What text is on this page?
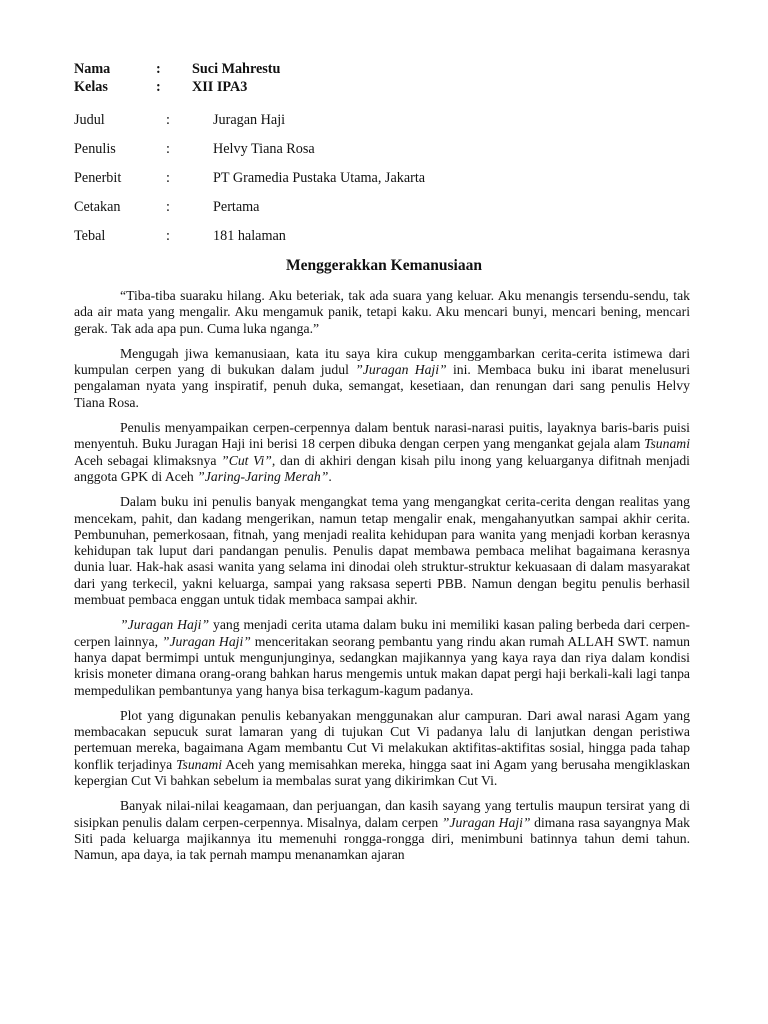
Nama	: Suci Mahrestu
Kelas	: XII IPA3
Judul	:	Juragan Haji
Penulis	:	Helvy Tiana Rosa
Penerbit	:	PT Gramedia Pustaka Utama, Jakarta
Cetakan	:	Pertama
Tebal	:	181 halaman
Menggerakkan Kemanusiaan

“Tiba-tiba suaraku hilang. Aku beteriak, tak ada suara yang keluar. Aku menangis tersendu-sendu, tak ada air mata yang mengalir. Aku mengamuk panik, tetapi kaku. Aku mencari bunyi, mencari bening, mencari gerak. Tak ada apa pun. Cuma luka nganga.”

Mengugah jiwa kemanusiaan, kata itu saya kira cukup menggambarkan cerita-cerita istimewa dari kumpulan cerpen yang di bukukan dalam judul ”Juragan Haji” ini. Membaca buku ini ibarat menelusuri pengalaman nyata yang inspiratif, penuh duka, semangat, kesetiaan, dan renungan dari sang penulis Helvy Tiana Rosa.

Penulis menyampaikan cerpen-cerpennya dalam bentuk narasi-narasi puitis, layaknya baris-baris puisi menyentuh. Buku Juragan Haji ini berisi 18 cerpen dibuka dengan cerpen yang mengankat gejala alam Tsunami Aceh sebagai klimaksnya ”Cut Vi”, dan di akhiri dengan kisah pilu inong yang keluarganya difitnah menjadi anggota GPK di Aceh ”Jaring-Jaring Merah”.

Dalam buku ini penulis banyak mengangkat tema yang mengangkat cerita-cerita dengan realitas yang mencekam, pahit, dan kadang mengerikan, namun tetap mengalir enak, mengahanyutkan sampai akhir cerita. Pembunuhan, pemerkosaan, fitnah, yang menjadi realita kehidupan para wanita yang menjadi korban kerasnya kehidupan tak luput dari pandangan penulis. Penulis dapat membawa pembaca melihat bagaimana kerasnya dunia luar. Hak-hak asasi wanita yang selama ini dinodai oleh struktur-struktur kekuasaan di dalam masyarakat dari yang terkecil, yakni keluarga, sampai yang raksasa seperti PBB. Namun dengan begitu penulis berhasil membuat pembaca enggan untuk tidak membaca sampai akhir.

”Juragan Haji” yang menjadi cerita utama dalam buku ini memiliki kasan paling berbeda dari cerpen-cerpen lainnya, ”Juragan Haji” menceritakan seorang pembantu yang rindu akan rumah ALLAH SWT. namun hanya dapat bermimpi untuk mengunjunginya, sedangkan majikannya yang kaya raya dan riya dalam kondisi krisis moneter dimana orang-orang bahkan harus mengemis untuk makan dapat pergi haji berkali-kali lagi tanpa mempedulikan pembantunya yang hanya bisa terkagum-kagum padanya.

Plot yang digunakan penulis kebanyakan menggunakan alur campuran. Dari awal narasi Agam yang membacakan sepucuk surat lamaran yang di tujukan Cut Vi padanya lalu di lanjutkan dengan peristiwa pertemuan mereka, bagaimana Agam membantu Cut Vi melakukan aktifitas-aktifitas sosial, hingga pada tahap konflik terjadinya Tsunami Aceh yang memisahkan mereka, hingga saat ini Agam yang berusaha mengiklaskan kepergian Cut Vi bahkan sebelum ia membalas surat yang dikirimkan Cut Vi.

Banyak nilai-nilai keagamaan, dan perjuangan, dan kasih sayang yang tertulis maupun tersirat yang di sisipkan penulis dalam cerpen-cerpennya. Misalnya, dalam cerpen ”Juragan Haji” dimana rasa sayangnya Mak Siti pada keluarga majikannya itu memenuhi rongga-rongga diri, menimbuni batinnya tahun demi tahun. Namun, apa daya, ia tak pernah mampu menanamkan ajaran
